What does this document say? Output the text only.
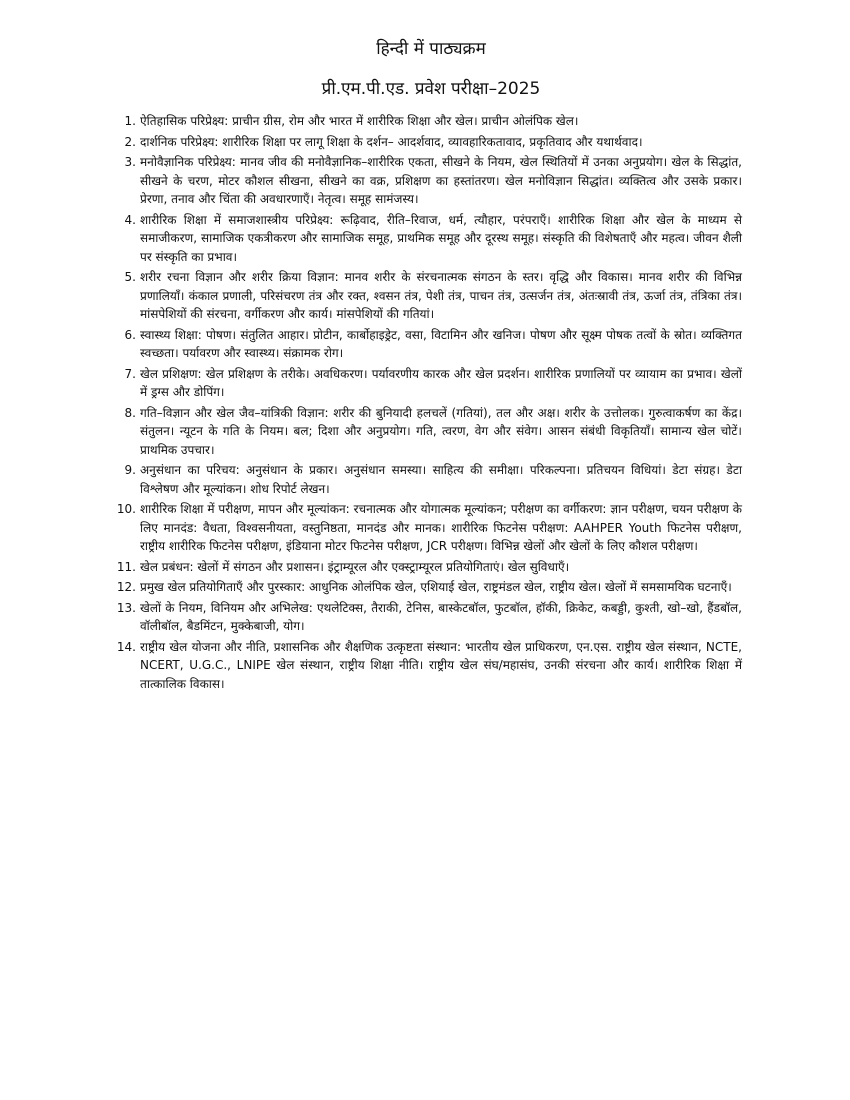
हिन्दी में पाठ्यक्रम
प्री.एम.पी.एड. प्रवेश परीक्षा–2025
1. ऐतिहासिक परिप्रेक्ष्य: प्राचीन ग्रीस, रोम और भारत में शारीरिक शिक्षा और खेल। प्राचीन ओलंपिक खेल।
2. दार्शनिक परिप्रेक्ष्य: शारीरिक शिक्षा पर लागू शिक्षा के दर्शन– आदर्शवाद, व्यावहारिकतावाद, प्रकृतिवाद और यथार्थवाद।
3. मनोवैज्ञानिक परिप्रेक्ष्य: मानव जीव की मनोवैज्ञानिक–शारीरिक एकता, सीखने के नियम, खेल स्थितियों में उनका अनुप्रयोग। खेल के सिद्धांत, सीखने के चरण, मोटर कौशल सीखना, सीखने का वक्र, प्रशिक्षण का हस्तांतरण। खेल मनोविज्ञान सिद्धांत। व्यक्तित्व और उसके प्रकार। प्रेरणा, तनाव और चिंता की अवधारणाएँ। नेतृत्व। समूह सामंजस्य।
4. शारीरिक शिक्षा में समाजशास्त्रीय परिप्रेक्ष्य: रूढ़िवाद, रीति–रिवाज, धर्म, त्यौहार, परंपराएँ। शारीरिक शिक्षा और खेल के माध्यम से समाजीकरण, सामाजिक एकत्रीकरण और सामाजिक समूह, प्राथमिक समूह और दूरस्थ समूह। संस्कृति की विशेषताएँ और महत्व। जीवन शैली पर संस्कृति का प्रभाव।
5. शरीर रचना विज्ञान और शरीर क्रिया विज्ञान: मानव शरीर के संरचनात्मक संगठन के स्तर। वृद्धि और विकास। मानव शरीर की विभिन्न प्रणालियाँ। कंकाल प्रणाली, परिसंचरण तंत्र और रक्त, श्वसन तंत्र, पेशी तंत्र, पाचन तंत्र, उत्सर्जन तंत्र, अंतःस्रावी तंत्र, ऊर्जा तंत्र, तंत्रिका तंत्र। मांसपेशियों की संरचना, वर्गीकरण और कार्य। मांसपेशियों की गतियां।
6. स्वास्थ्य शिक्षा: पोषण। संतुलित आहार। प्रोटीन, कार्बोहाइड्रेट, वसा, विटामिन और खनिज। पोषण और सूक्ष्म पोषक तत्वों के स्रोत। व्यक्तिगत स्वच्छता। पर्यावरण और स्वास्थ्य। संक्रामक रोग।
7. खेल प्रशिक्षण: खेल प्रशिक्षण के तरीके। अवधिकरण। पर्यावरणीय कारक और खेल प्रदर्शन। शारीरिक प्रणालियों पर व्यायाम का प्रभाव। खेलों में ड्रग्स और डोपिंग।
8. गति–विज्ञान और खेल जैव–यांत्रिकी विज्ञान: शरीर की बुनियादी हलचलें (गतियां), तल और अक्ष। शरीर के उत्तोलक। गुरुत्वाकर्षण का केंद्र। संतुलन। न्यूटन के गति के नियम। बल; दिशा और अनुप्रयोग। गति, त्वरण, वेग और संवेग। आसन संबंधी विकृतियाँ। सामान्य खेल चोटें। प्राथमिक उपचार।
9. अनुसंधान का परिचय: अनुसंधान के प्रकार। अनुसंधान समस्या। साहित्य की समीक्षा। परिकल्पना। प्रतिचयन विधियां। डेटा संग्रह। डेटा विश्लेषण और मूल्यांकन। शोध रिपोर्ट लेखन।
10. शारीरिक शिक्षा में परीक्षण, मापन और मूल्यांकन: रचनात्मक और योगात्मक मूल्यांकन; परीक्षण का वर्गीकरण: ज्ञान परीक्षण, चयन परीक्षण के लिए मानदंड: वैधता, विश्वसनीयता, वस्तुनिष्ठता, मानदंड और मानक। शारीरिक फिटनेस परीक्षण: AAHPER Youth फिटनेस परीक्षण, राष्ट्रीय शारीरिक फिटनेस परीक्षण, इंडियाना मोटर फिटनेस परीक्षण, JCR परीक्षण। विभिन्न खेलों और खेलों के लिए कौशल परीक्षण।
11. खेल प्रबंधन: खेलों में संगठन और प्रशासन। इंट्राम्यूरल और एक्स्ट्राम्यूरल प्रतियोगिताएं। खेल सुविधाएँ।
12. प्रमुख खेल प्रतियोगिताएँ और पुरस्कार: आधुनिक ओलंपिक खेल, एशियाई खेल, राष्ट्रमंडल खेल, राष्ट्रीय खेल। खेलों में समसामयिक घटनाएँ।
13. खेलों के नियम, विनियम और अभिलेख: एथलेटिक्स, तैराकी, टेनिस, बास्केटबॉल, फुटबॉल, हॉकी, क्रिकेट, कबड्डी, कुश्ती, खो–खो, हैंडबॉल, वॉलीबॉल, बैडमिंटन, मुक्केबाजी, योग।
14. राष्ट्रीय खेल योजना और नीति, प्रशासनिक और शैक्षणिक उत्कृष्टता संस्थान: भारतीय खेल प्राधिकरण, एन.एस. राष्ट्रीय खेल संस्थान, NCTE, NCERT, U.G.C., LNIPE खेल संस्थान, राष्ट्रीय शिक्षा नीति। राष्ट्रीय खेल संघ/महासंघ, उनकी संरचना और कार्य। शारीरिक शिक्षा में तात्कालिक विकास।
